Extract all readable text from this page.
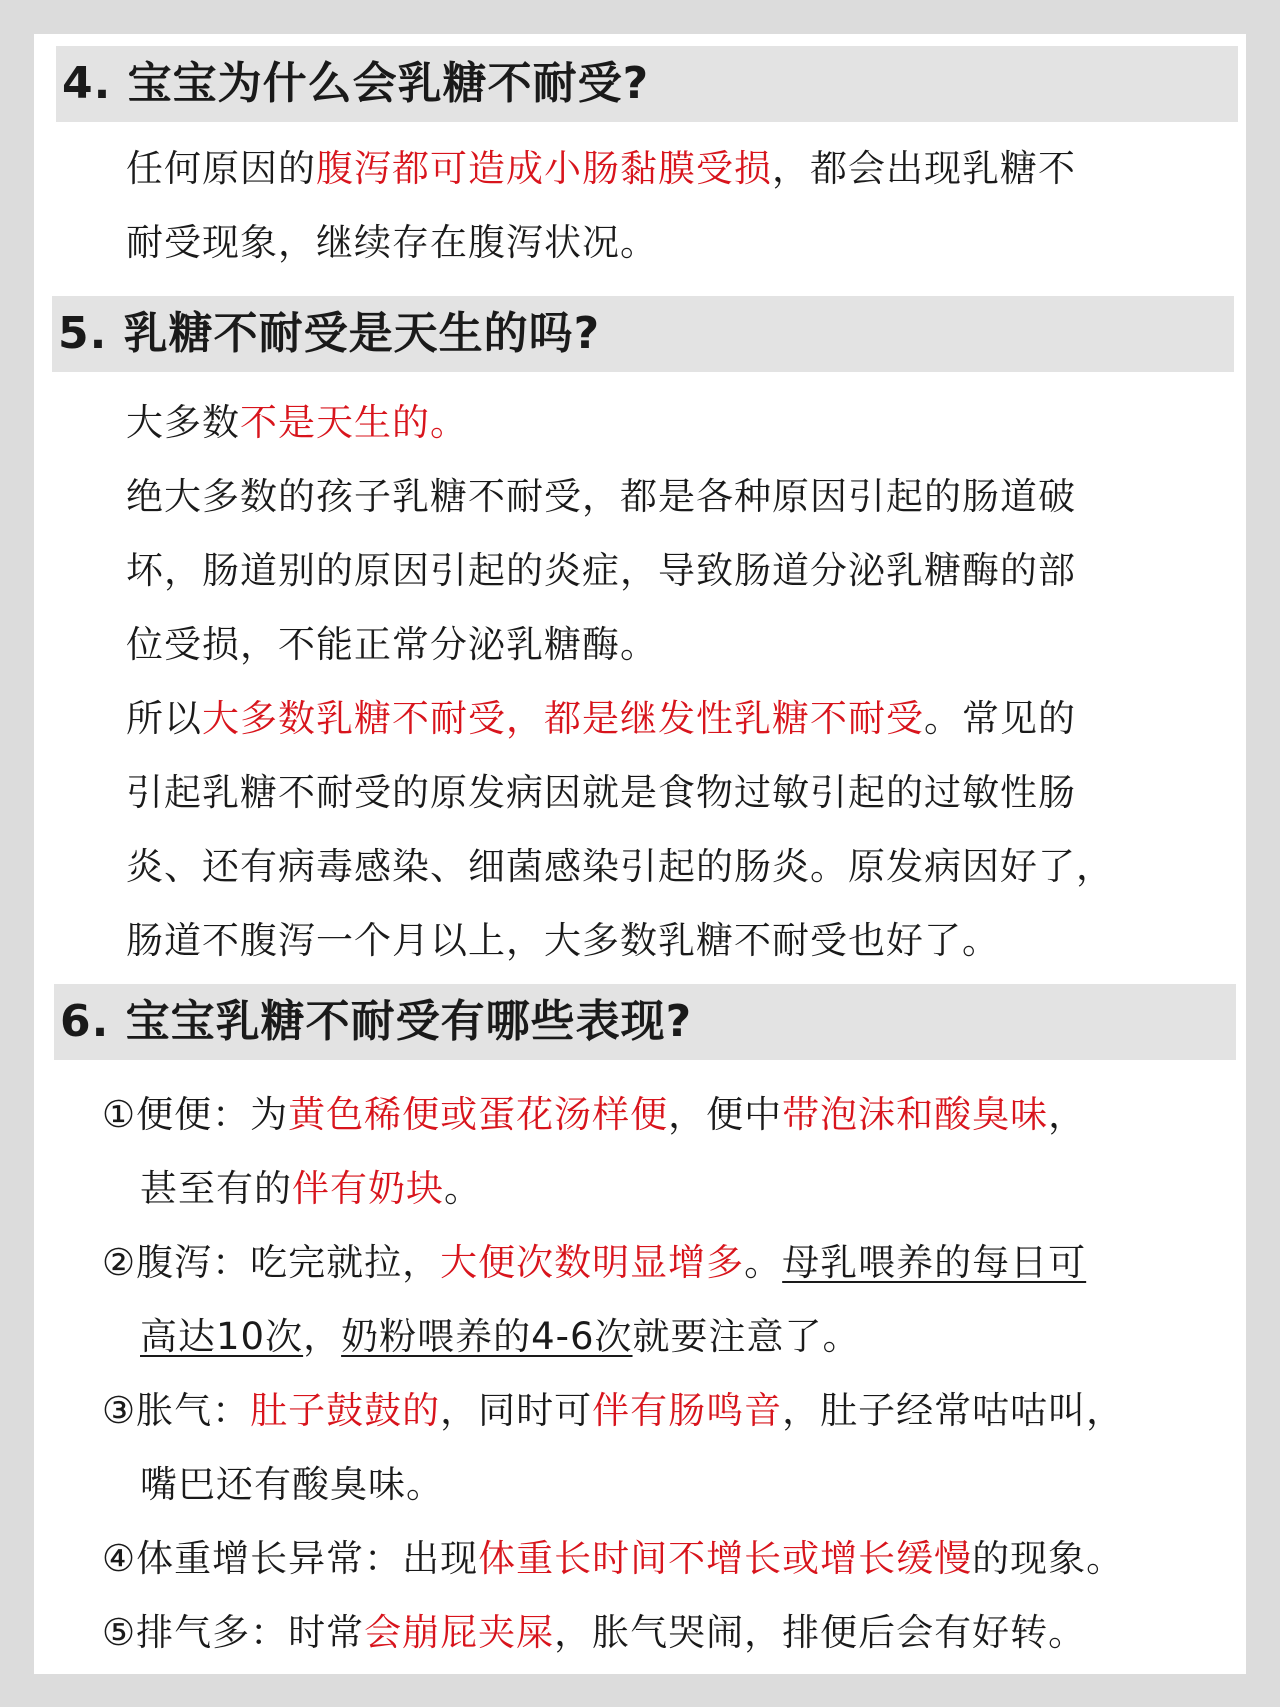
4. 宝宝为什么会乳糖不耐受?
任何原因的腹泻都可造成小肠黏膜受损，都会出现乳糖不
耐受现象，继续存在腹泻状况。
5. 乳糖不耐受是天生的吗?
大多数不是天生的。
绝大多数的孩子乳糖不耐受，都是各种原因引起的肠道破
坏，肠道别的原因引起的炎症，导致肠道分泌乳糖酶的部
位受损，不能正常分泌乳糖酶。
所以大多数乳糖不耐受，都是继发性乳糖不耐受。常见的
引起乳糖不耐受的原发病因就是食物过敏引起的过敏性肠
炎、还有病毒感染、细菌感染引起的肠炎。原发病因好了，
肠道不腹泻一个月以上，大多数乳糖不耐受也好了。
6. 宝宝乳糖不耐受有哪些表现?
①便便：为黄色稀便或蛋花汤样便，便中带泡沫和酸臭味，
甚至有的伴有奶块。
②腹泻：吃完就拉，大便次数明显增多。母乳喂养的每日可
高达10次，奶粉喂养的4-6次就要注意了。
③胀气：肚子鼓鼓的，同时可伴有肠鸣音，肚子经常咕咕叫，
嘴巴还有酸臭味。
④体重增长异常：出现体重长时间不增长或增长缓慢的现象。
⑤排气多：时常会崩屁夹屎，胀气哭闹，排便后会有好转。
